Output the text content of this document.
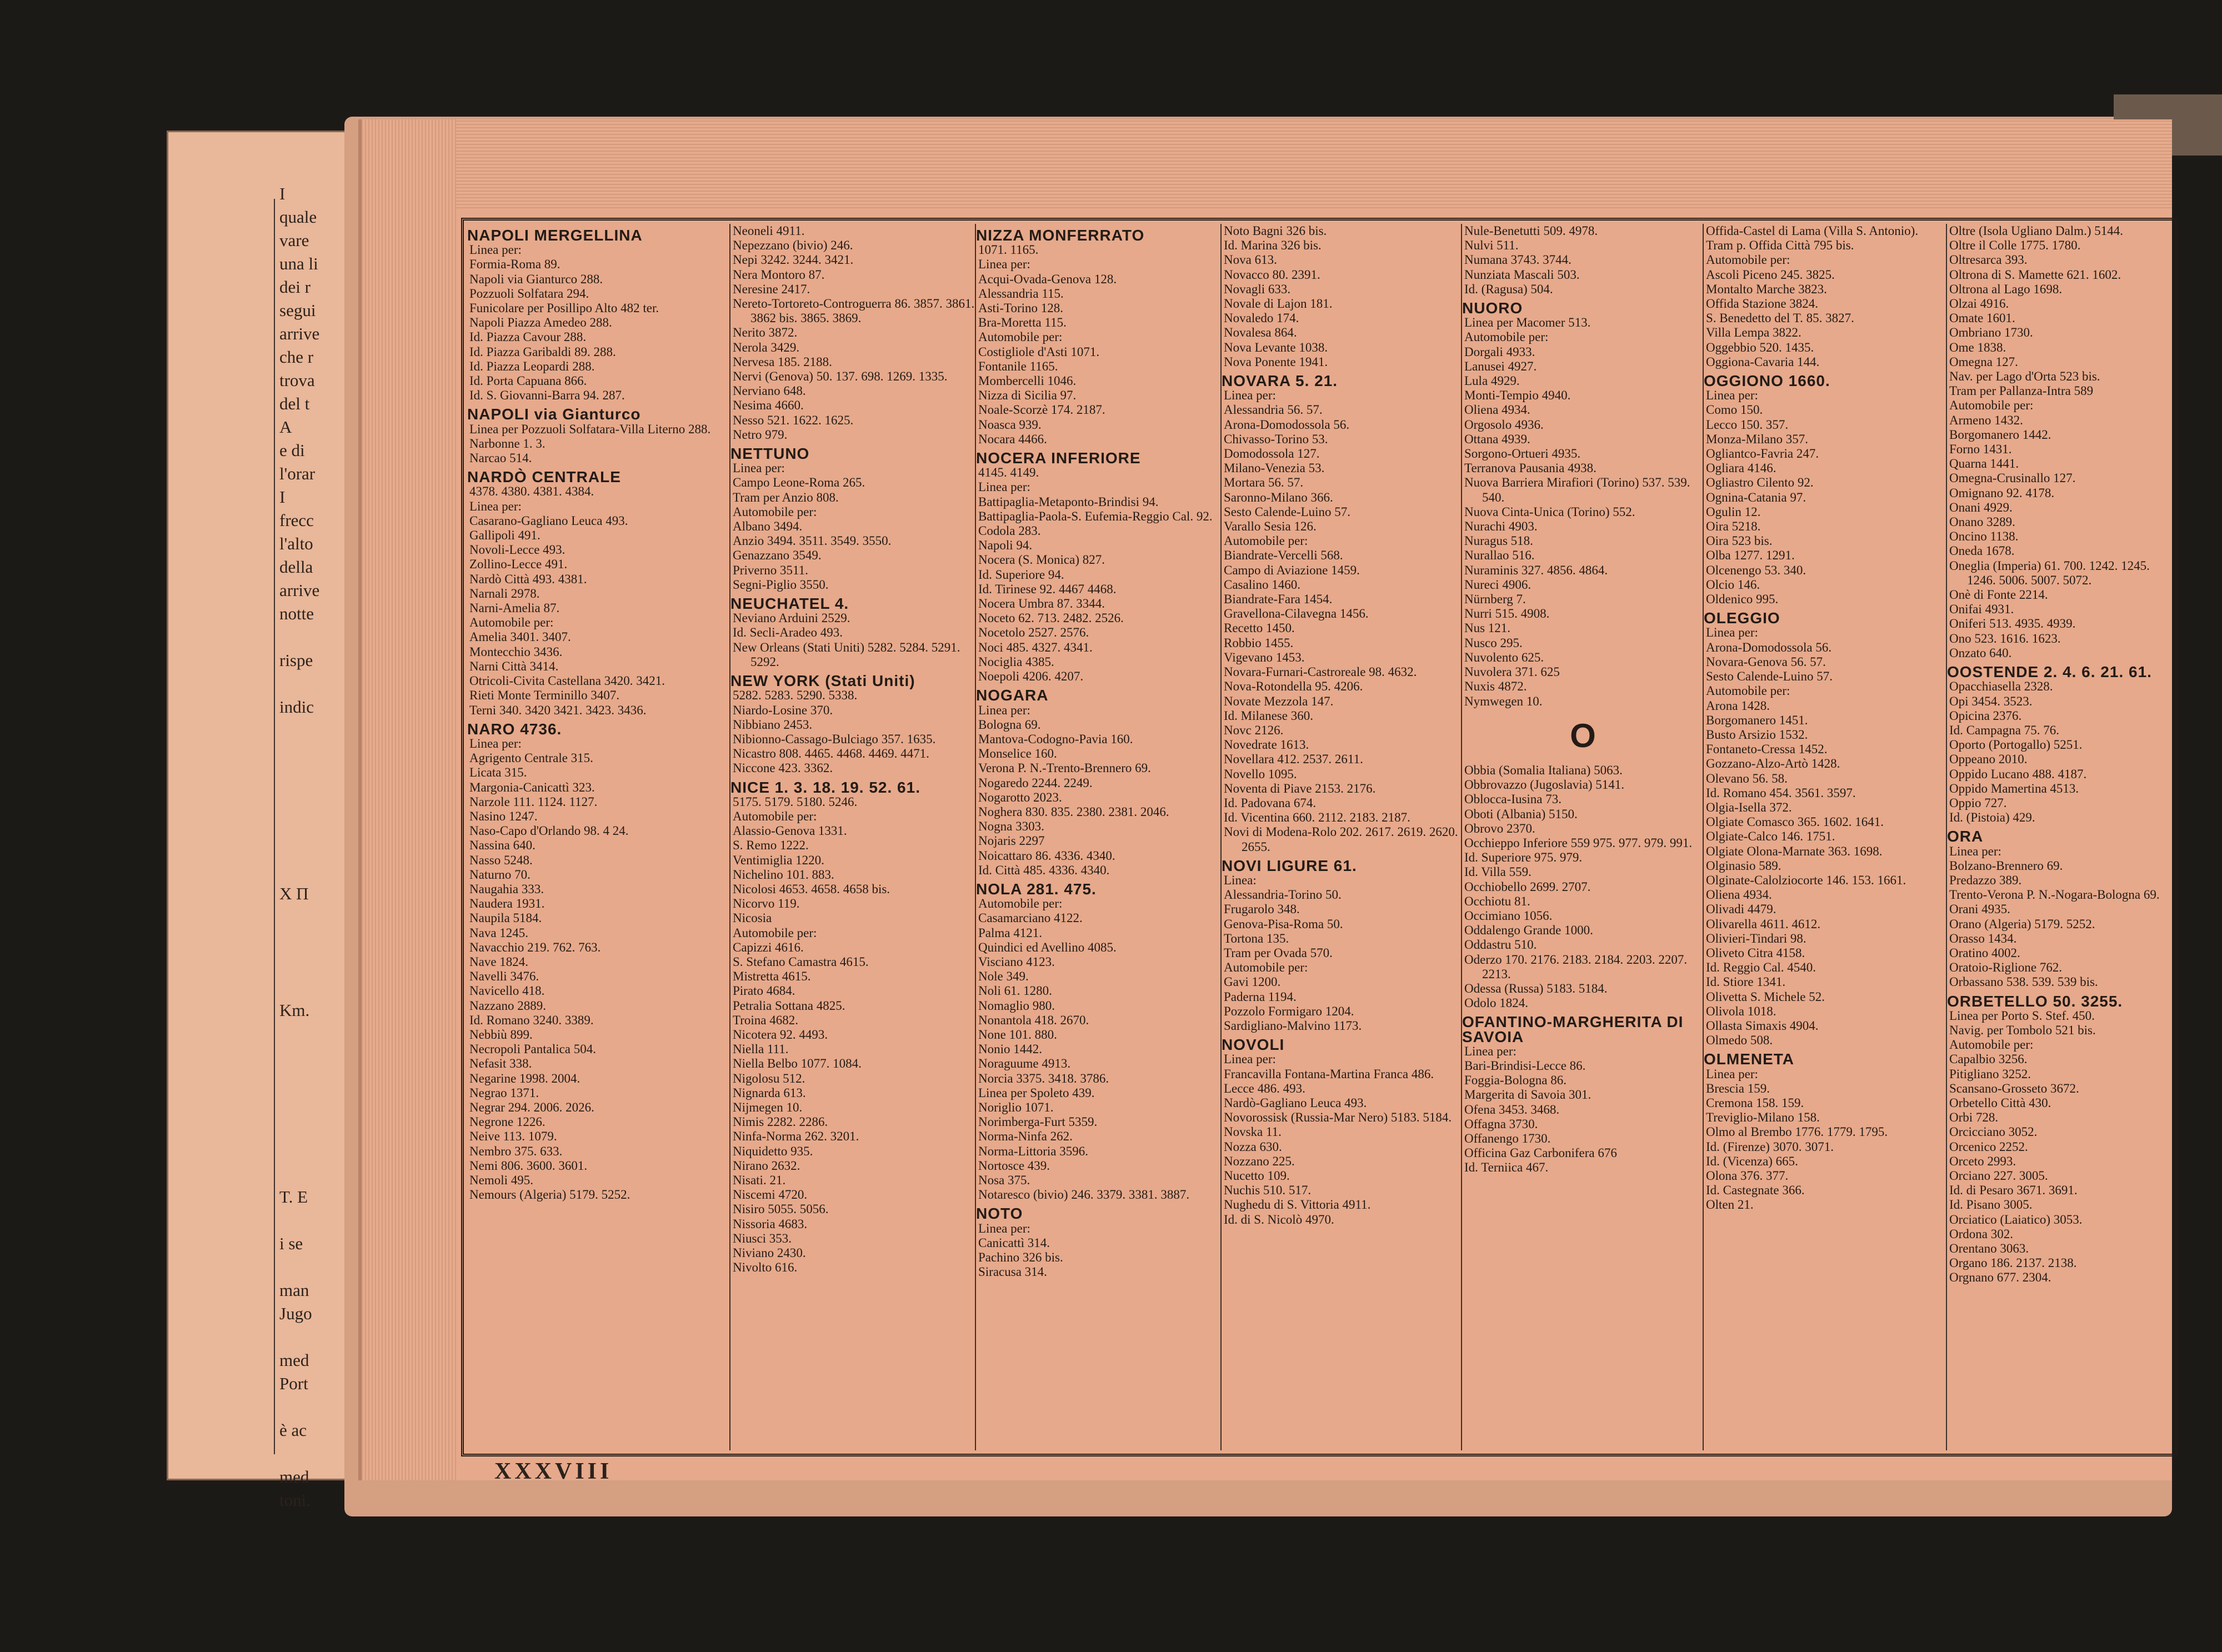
I
quale
vare
una li
dei r
segui
arrive
che r
trova
del t
A
e di
l'orar
I
frecc
l'alto
della
arrive
notte

rispe

indic

X Π

Km.

T. E

i se

man
Jugo

med
Port

è ac

med
toni.
NAPOLI MERGELLINA
Linea per:
Formia-Roma 89.
Napoli via Gianturco 288.
Pozzuoli Solfatara 294.
Funicolare per Posillipo Alto 482 ter.
Napoli Piazza Amedeo 288.
Id. Piazza Cavour 288.
Id. Piazza Garibaldi 89. 288.
Id. Piazza Leopardi 288.
Id. Porta Capuana 866.
Id. S. Giovanni-Barra 94. 287.
NAPOLI via Gianturco
Linea per Pozzuoli Solfatara-Villa Literno 288.
Narbonne 1. 3.
Narcao 514.
NARDÒ CENTRALE
4378. 4380. 4381. 4384.
Linea per:
Casarano-Gagliano Leuca 493.
Gallipoli 491.
Novoli-Lecce 493.
Zollino-Lecce 491.
Nardò Città 493. 4381.
Narnali 2978.
Narni-Amelia 87.
Automobile per:
Amelia 3401. 3407.
Montecchio 3436.
Narni Città 3414.
Otricoli-Civita Castellana 3420. 3421.
Rieti Monte Terminillo 3407.
Terni 340. 3420 3421. 3423. 3436.
NARO 4736.
Linea per:
Agrigento Centrale 315.
Licata 315.
Margonia-Canicattì 323.
Narzole 111. 1124. 1127.
Nasino 1247.
Naso-Capo d'Orlando 98. 4 24.
Nassina 640.
Nasso 5248.
Naturno 70.
Naugahia 333.
Naudera 1931.
Naupila 5184.
Nava 1245.
Navacchio 219. 762. 763.
Nave 1824.
Navelli 3476.
Navicello 418.
Nazzano 2889.
Id. Romano 3240. 3389.
Nebbiù 899.
Necropoli Pantalica 504.
Nefasit 338.
Negarine 1998. 2004.
Negrao 1371.
Negrar 294. 2006. 2026.
Negrone 1226.
Neive 113. 1079.
Nembro 375. 633.
Nemi 806. 3600. 3601.
Nemoli 495.
Nemours (Algeria) 5179. 5252.
Neoneli 4911.
Nepezzano (bivio) 246.
Nepi 3242. 3244. 3421.
Nera Montoro 87.
Neresine 2417.
Nereto-Tortoreto-Controguerra 86. 3857. 3861. 3862 bis. 3865. 3869.
Nerito 3872.
Nerola 3429.
Nervesa 185. 2188.
Nervi (Genova) 50. 137. 698. 1269. 1335.
Nerviano 648.
Nesima 4660.
Nesso 521. 1622. 1625.
Netro 979.
NETTUNO
Linea per:
Campo Leone-Roma 265.
Tram per Anzio 808.
Automobile per:
Albano 3494.
Anzio 3494. 3511. 3549. 3550.
Genazzano 3549.
Priverno 3511.
Segni-Piglio 3550.
NEUCHATEL 4.
Neviano Arduini 2529.
Id. Secli-Aradeo 493.
New Orleans (Stati Uniti) 5282. 5284. 5291. 5292.
NEW YORK (Stati Uniti)
5282. 5283. 5290. 5338.
Niardo-Losine 370.
Nibbiano 2453.
Nibionno-Cassago-Bulciago 357. 1635.
Nicastro 808. 4465. 4468. 4469. 4471.
Niccone 423. 3362.
NICE 1. 3. 18. 19. 52. 61.
5175. 5179. 5180. 5246.
Automobile per:
Alassio-Genova 1331.
S. Remo 1222.
Ventimiglia 1220.
Nichelino 101. 883.
Nicolosi 4653. 4658. 4658 bis.
Nicorvo 119.
Nicosia
Automobile per:
Capizzi 4616.
S. Stefano Camastra 4615.
Mistretta 4615.
Pirato 4684.
Petralia Sottana 4825.
Troina 4682.
Nicotera 92. 4493.
Niella 111.
Niella Belbo 1077. 1084.
Nigolosu 512.
Nignarda 613.
Nijmegen 10.
Nimis 2282. 2286.
Ninfa-Norma 262. 3201.
Niquidetto 935.
Nirano 2632.
Nisati. 21.
Niscemi 4720.
Nisiro 5055. 5056.
Nissoria 4683.
Niusci 353.
Niviano 2430.
Nivolto 616.
NIZZA MONFERRATO
1071. 1165.
Linea per:
Acqui-Ovada-Genova 128.
Alessandria 115.
Asti-Torino 128.
Bra-Moretta 115.
Automobile per:
Costigliole d'Asti 1071.
Fontanile 1165.
Mombercelli 1046.
Nizza di Sicilia 97.
Noale-Scorzè 174. 2187.
Noasca 939.
Nocara 4466.
NOCERA INFERIORE
4145. 4149.
Linea per:
Battipaglia-Metaponto-Brindisi 94.
Battipaglia-Paola-S. Eufemia-Reggio Cal. 92.
Codola 283.
Napoli 94.
Nocera (S. Monica) 827.
Id. Superiore 94.
Id. Tirinese 92. 4467 4468.
Nocera Umbra 87. 3344.
Noceto 62. 713. 2482. 2526.
Nocetolo 2527. 2576.
Noci 485. 4327. 4341.
Nociglia 4385.
Noepoli 4206. 4207.
NOGARA
Linea per:
Bologna 69.
Mantova-Codogno-Pavia 160.
Monselice 160.
Verona P. N.-Trento-Brennero 69.
Nogaredo 2244. 2249.
Nogarotto 2023.
Noghera 830. 835. 2380. 2381. 2046.
Nogna 3303.
Nojaris 2297
Noicattaro 86. 4336. 4340.
Id. Città 485. 4336. 4340.
NOLA 281. 475.
Automobile per:
Casamarciano 4122.
Palma 4121.
Quindici ed Avellino 4085.
Visciano 4123.
Nole 349.
Noli 61. 1280.
Nomaglio 980.
Nonantola 418. 2670.
None 101. 880.
Nonio 1442.
Noraguume 4913.
Norcia 3375. 3418. 3786.
Linea per Spoleto 439.
Noriglio 1071.
Norimberga-Furt 5359.
Norma-Ninfa 262.
Norma-Littoria 3596.
Nortosce 439.
Nosa 375.
Notaresco (bivio) 246. 3379. 3381. 3887.
NOTO
Linea per:
Canicattì 314.
Pachino 326 bis.
Siracusa 314.
Noto Bagni 326 bis.
Id. Marina 326 bis.
Nova 613.
Novacco 80. 2391.
Novagli 633.
Novale di Lajon 181.
Novaledo 174.
Novalesa 864.
Nova Levante 1038.
Nova Ponente 1941.
NOVARA 5. 21.
Linea per:
Alessandria 56. 57.
Arona-Domodossola 56.
Chivasso-Torino 53.
Domodossola 127.
Milano-Venezia 53.
Mortara 56. 57.
Saronno-Milano 366.
Sesto Calende-Luino 57.
Varallo Sesia 126.
Automobile per:
Biandrate-Vercelli 568.
Campo di Aviazione 1459.
Casalino 1460.
Biandrate-Fara 1454.
Gravellona-Cilavegna 1456.
Recetto 1450.
Robbio 1455.
Vigevano 1453.
Novara-Furnari-Castroreale 98. 4632.
Nova-Rotondella 95. 4206.
Novate Mezzola 147.
Id. Milanese 360.
Novc 2126.
Novedrate 1613.
Novellara 412. 2537. 2611.
Novello 1095.
Noventa di Piave 2153. 2176.
Id. Padovana 674.
Id. Vicentina 660. 2112. 2183. 2187.
Novi di Modena-Rolo 202. 2617. 2619. 2620. 2655.
NOVI LIGURE 61.
Linea:
Alessandria-Torino 50.
Frugarolo 348.
Genova-Pisa-Roma 50.
Tortona 135.
Tram per Ovada 570.
Automobile per:
Gavi 1200.
Paderna 1194.
Pozzolo Formigaro 1204.
Sardigliano-Malvino 1173.
NOVOLI
Linea per:
Francavilla Fontana-Martina Franca 486.
Lecce 486. 493.
Nardò-Gagliano Leuca 493.
Novorossisk (Russia-Mar Nero) 5183. 5184.
Novska 11.
Nozza 630.
Nozzano 225.
Nucetto 109.
Nuchis 510. 517.
Nughedu di S. Vittoria 4911.
Id. di S. Nicolò 4970.
Nule-Benetutti 509. 4978.
Nulvi 511.
Numana 3743. 3744.
Nunziata Mascali 503.
Id. (Ragusa) 504.
NUORO
Linea per Macomer 513.
Automobile per:
Dorgali 4933.
Lanusei 4927.
Lula 4929.
Monti-Tempio 4940.
Oliena 4934.
Orgosolo 4936.
Ottana 4939.
Sorgono-Ortueri 4935.
Terranova Pausania 4938.
Nuova Barriera Mirafiori (Torino) 537. 539. 540.
Nuova Cinta-Unica (Torino) 552.
Nurachi 4903.
Nuragus 518.
Nurallao 516.
Nuraminis 327. 4856. 4864.
Nureci 4906.
Nürnberg 7.
Nurri 515. 4908.
Nus 121.
Nusco 295.
Nuvolento 625.
Nuvolera 371. 625
Nuxis 4872.
Nymwegen 10.
O
Obbia (Somalia Italiana) 5063.
Obbrovazzo (Jugoslavia) 5141.
Oblocca-Iusina 73.
Oboti (Albania) 5150.
Obrovo 2370.
Occhieppo Inferiore 559 975. 977. 979. 991.
Id. Superiore 975. 979.
Id. Villa 559.
Occhiobello 2699. 2707.
Occhiotu 81.
Occimiano 1056.
Oddalengo Grande 1000.
Oddastru 510.
Oderzo 170. 2176. 2183. 2184. 2203. 2207. 2213.
Odessa (Russa) 5183. 5184.
Odolo 1824.
OFANTINO-MARGHERITA DI SAVOIA
Linea per:
Bari-Brindisi-Lecce 86.
Foggia-Bologna 86.
Margerita di Savoia 301.
Ofena 3453. 3468.
Offagna 3730.
Offanengo 1730.
Officina Gaz Carbonifera 676
Id. Terniica 467.
Offida-Castel di Lama (Villa S. Antonio).
Tram p. Offida Città 795 bis.
Automobile per:
Ascoli Piceno 245. 3825.
Montalto Marche 3823.
Offida Stazione 3824.
S. Benedetto del T. 85. 3827.
Villa Lempa 3822.
Oggebbio 520. 1435.
Oggiona-Cavaria 144.
OGGIONO 1660.
Linea per:
Como 150.
Lecco 150. 357.
Monza-Milano 357.
Ogliantco-Favria 247.
Ogliara 4146.
Ogliastro Cilento 92.
Ognina-Catania 97.
Ogulin 12.
Oira 5218.
Oira 523 bis.
Olba 1277. 1291.
Olcenengo 53. 340.
Olcio 146.
Oldenico 995.
OLEGGIO
Linea per:
Arona-Domodossola 56.
Novara-Genova 56. 57.
Sesto Calende-Luino 57.
Automobile per:
Arona 1428.
Borgomanero 1451.
Busto Arsizio 1532.
Fontaneto-Cressa 1452.
Gozzano-Alzo-Artò 1428.
Olevano 56. 58.
Id. Romano 454. 3561. 3597.
Olgia-Isella 372.
Olgiate Comasco 365. 1602. 1641.
Olgiate-Calco 146. 1751.
Olgiate Olona-Marnate 363. 1698.
Olginasio 589.
Olginate-Calolziocorte 146. 153. 1661.
Oliena 4934.
Olivadi 4479.
Olivarella 4611. 4612.
Olivieri-Tindari 98.
Oliveto Citra 4158.
Id. Reggio Cal. 4540.
Id. Stiore 1341.
Olivetta S. Michele 52.
Olivola 1018.
Ollasta Simaxis 4904.
Olmedo 508.
OLMENETA
Linea per:
Brescia 159.
Cremona 158. 159.
Treviglio-Milano 158.
Olmo al Brembo 1776. 1779. 1795.
Id. (Firenze) 3070. 3071.
Id. (Vicenza) 665.
Olona 376. 377.
Id. Castegnate 366.
Olten 21.
Oltre (Isola Ugliano Dalm.) 5144.
Oltre il Colle 1775. 1780.
Oltresarca 393.
Oltrona di S. Mamette 621. 1602.
Oltrona al Lago 1698.
Olzai 4916.
Omate 1601.
Ombriano 1730.
Ome 1838.
Omegna 127.
Nav. per Lago d'Orta 523 bis.
Tram per Pallanza-Intra 589
Automobile per:
Armeno 1432.
Borgomanero 1442.
Forno 1431.
Quarna 1441.
Omegna-Crusinallo 127.
Omignano 92. 4178.
Onani 4929.
Onano 3289.
Oncino 1138.
Oneda 1678.
Oneglia (Imperia) 61. 700. 1242. 1245. 1246. 5006. 5007. 5072.
Onè di Fonte 2214.
Onifai 4931.
Oniferi 513. 4935. 4939.
Ono 523. 1616. 1623.
Onzato 640.
OOSTENDE 2. 4. 6. 21. 61.
Opacchiasella 2328.
Opi 3454. 3523.
Opicina 2376.
Id. Campagna 75. 76.
Oporto (Portogallo) 5251.
Oppeano 2010.
Oppido Lucano 488. 4187.
Oppido Mamertina 4513.
Oppio 727.
Id. (Pistoia) 429.
ORA
Linea per:
Bolzano-Brennero 69.
Predazzo 389.
Trento-Verona P. N.-Nogara-Bologna 69.
Orani 4935.
Orano (Algeria) 5179. 5252.
Orasso 1434.
Oratino 4002.
Oratoio-Riglione 762.
Orbassano 538. 539. 539 bis.
ORBETELLO 50. 3255.
Linea per Porto S. Stef. 450.
Navig. per Tombolo 521 bis.
Automobile per:
Capalbio 3256.
Pitigliano 3252.
Scansano-Grosseto 3672.
Orbetello Città 430.
Orbi 728.
Orcicciano 3052.
Orcenico 2252.
Orceto 2993.
Orciano 227. 3005.
Id. di Pesaro 3671. 3691.
Id. Pisano 3005.
Orciatico (Laiatico) 3053.
Ordona 302.
Orentano 3063.
Organo 186. 2137. 2138.
Orgnano 677. 2304.
XXXVIII
